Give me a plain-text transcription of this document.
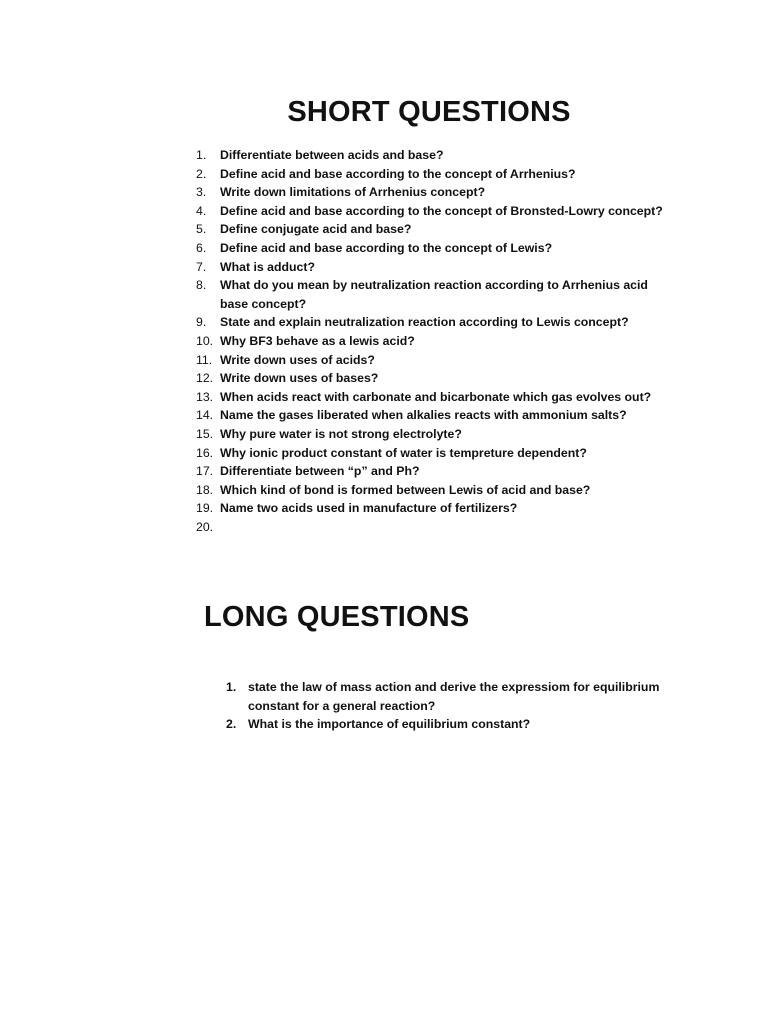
SHORT QUESTIONS
1. Differentiate between acids and base?
2. Define acid and base according to the concept of Arrhenius?
3. Write down limitations of Arrhenius concept?
4. Define acid and base according to the concept of Bronsted-Lowry concept?
5. Define conjugate acid and base?
6. Define acid and base according to the concept of Lewis?
7. What is adduct?
8. What do you mean by neutralization reaction according to Arrhenius acid base concept?
9. State and explain neutralization reaction according to Lewis concept?
10. Why BF3 behave as a lewis acid?
11. Write down uses of acids?
12. Write down uses of bases?
13. When acids react with carbonate and bicarbonate which gas evolves out?
14. Name the gases liberated when alkalies reacts with ammonium salts?
15. Why pure water is not strong electrolyte?
16. Why ionic product constant of water is tempreture dependent?
17. Differentiate between “p” and Ph?
18. Which kind of bond is formed between Lewis of acid and base?
19. Name two acids used in manufacture of fertilizers?
20.
LONG QUESTIONS
1. state the law of mass action and derive the expressiom for equilibrium constant for a general reaction?
2. What is the importance of equilibrium constant?
